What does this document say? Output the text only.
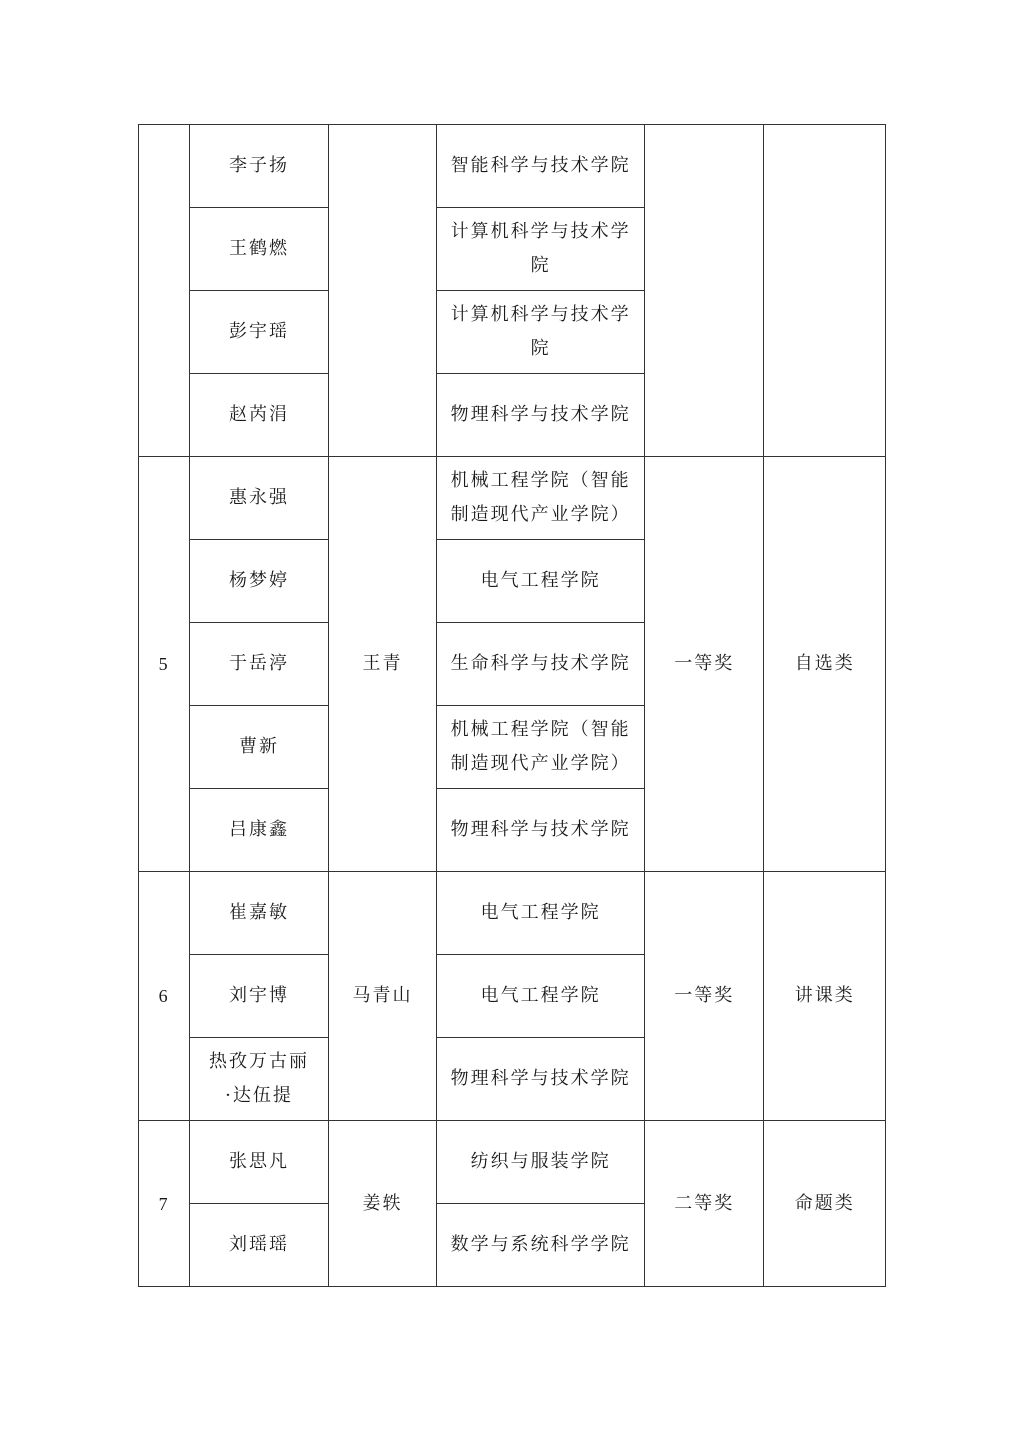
	李子扬		智能科学与技术学院		
	王鹤燃		计算机科学与技术学院		
	彭宇瑶		计算机科学与技术学院		
	赵芮涓		物理科学与技术学院		
5	惠永强	王青	机械工程学院（智能制造现代产业学院）	一等奖	自选类
	杨梦婷		电气工程学院		
	于岳渟		生命科学与技术学院		
	曹新		机械工程学院（智能制造现代产业学院）		
	吕康鑫		物理科学与技术学院		
6	崔嘉敏	马青山	电气工程学院	一等奖	讲课类
	刘宇博		电气工程学院		
	热孜万古丽·达伍提		物理科学与技术学院		
7	张思凡	姜轶	纺织与服装学院	二等奖	命题类
	刘瑶瑶		数学与系统科学学院		
